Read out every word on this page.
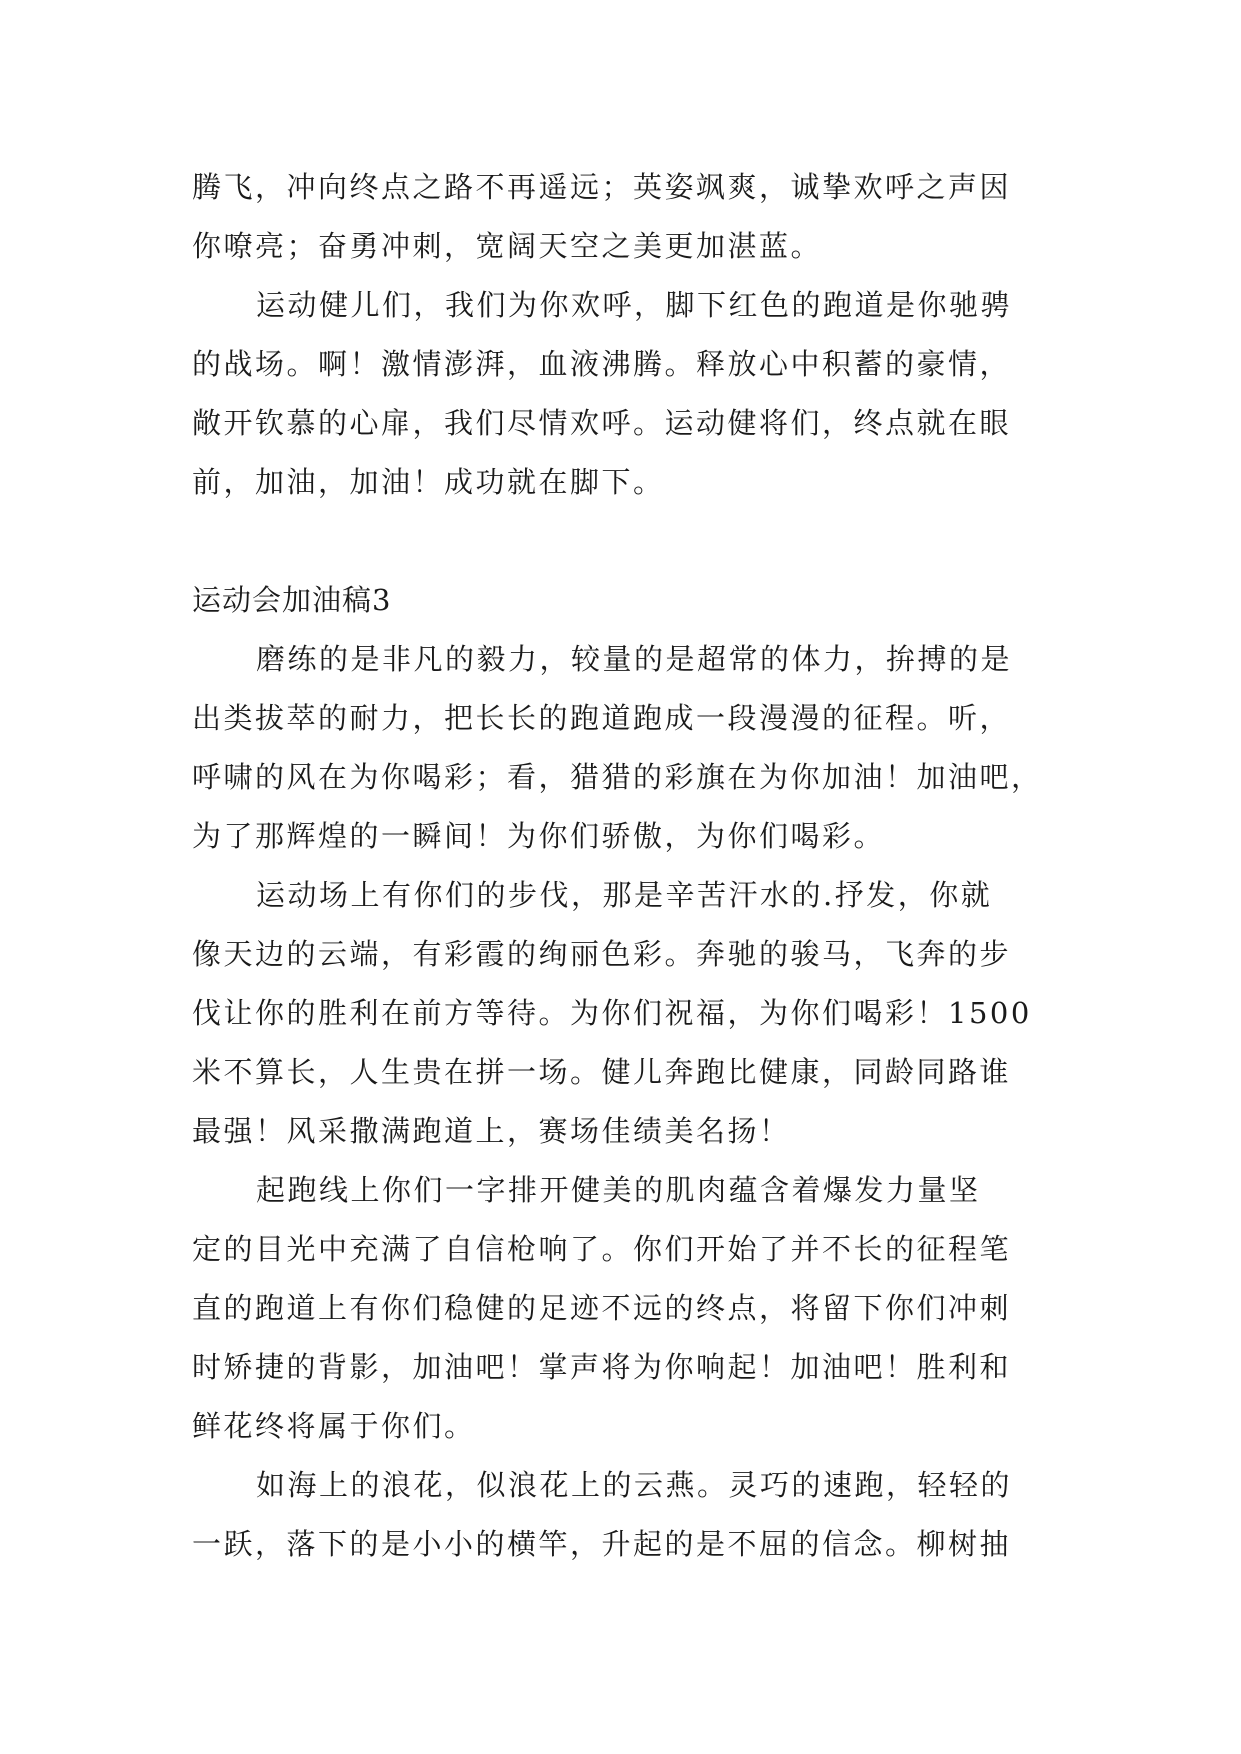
腾飞，冲向终点之路不再遥远；英姿飒爽，诚挚欢呼之声因
你嘹亮；奋勇冲刺，宽阔天空之美更加湛蓝。
运动健儿们，我们为你欢呼，脚下红色的跑道是你驰骋
的战场。啊！激情澎湃，血液沸腾。释放心中积蓄的豪情，
敞开钦慕的心扉，我们尽情欢呼。运动健将们，终点就在眼
前，加油，加油！成功就在脚下。
运动会加油稿3
磨练的是非凡的毅力，较量的是超常的体力，拚搏的是
出类拔萃的耐力，把长长的跑道跑成一段漫漫的征程。听，
呼啸的风在为你喝彩；看，猎猎的彩旗在为你加油！加油吧，
为了那辉煌的一瞬间！为你们骄傲，为你们喝彩。
运动场上有你们的步伐，那是辛苦汗水的.抒发，你就
像天边的云端，有彩霞的绚丽色彩。奔驰的骏马，飞奔的步
伐让你的胜利在前方等待。为你们祝福，为你们喝彩！1500
米不算长，人生贵在拼一场。健儿奔跑比健康，同龄同路谁
最强！风采撒满跑道上，赛场佳绩美名扬！
起跑线上你们一字排开健美的肌肉蕴含着爆发力量坚
定的目光中充满了自信枪响了。你们开始了并不长的征程笔
直的跑道上有你们稳健的足迹不远的终点，将留下你们冲刺
时矫捷的背影，加油吧！掌声将为你响起！加油吧！胜利和
鲜花终将属于你们。
如海上的浪花，似浪花上的云燕。灵巧的速跑，轻轻的
一跃，落下的是小小的横竿，升起的是不屈的信念。柳树抽
